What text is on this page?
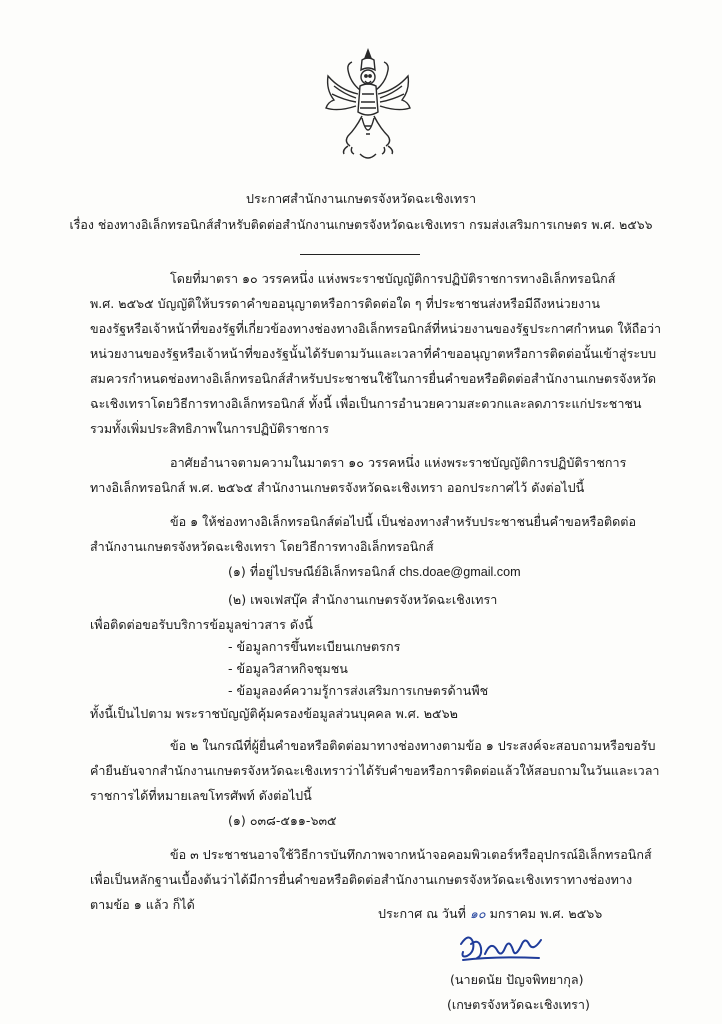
ประกาศสำนักงานเกษตรจังหวัดฉะเชิงเทรา
เรื่อง ช่องทางอิเล็กทรอนิกส์สำหรับติดต่อสำนักงานเกษตรจังหวัดฉะเชิงเทรา กรมส่งเสริมการเกษตร พ.ศ. ๒๕๖๖
โดยที่มาตรา ๑๐ วรรคหนึ่ง แห่งพระราชบัญญัติการปฏิบัติราชการทางอิเล็กทรอนิกส์
พ.ศ. ๒๕๖๕ บัญญัติให้บรรดาคำขออนุญาตหรือการติดต่อใด ๆ ที่ประชาชนส่งหรือมีถึงหน่วยงาน
ของรัฐหรือเจ้าหน้าที่ของรัฐที่เกี่ยวข้องทางช่องทางอิเล็กทรอนิกส์ที่หน่วยงานของรัฐประกาศกำหนด ให้ถือว่า
หน่วยงานของรัฐหรือเจ้าหน้าที่ของรัฐนั้นได้รับตามวันและเวลาที่คำขออนุญาตหรือการติดต่อนั้นเข้าสู่ระบบ
สมควรกำหนดช่องทางอิเล็กทรอนิกส์สำหรับประชาชนใช้ในการยื่นคำขอหรือติดต่อสำนักงานเกษตรจังหวัด
ฉะเชิงเทราโดยวิธีการทางอิเล็กทรอนิกส์ ทั้งนี้ เพื่อเป็นการอำนวยความสะดวกและลดภาระแก่ประชาชน
รวมทั้งเพิ่มประสิทธิภาพในการปฏิบัติราชการ
อาศัยอำนาจตามความในมาตรา ๑๐ วรรคหนึ่ง แห่งพระราชบัญญัติการปฏิบัติราชการ
ทางอิเล็กทรอนิกส์ พ.ศ. ๒๕๖๕ สำนักงานเกษตรจังหวัดฉะเชิงเทรา ออกประกาศไว้ ดังต่อไปนี้
ข้อ ๑ ให้ช่องทางอิเล็กทรอนิกส์ต่อไปนี้ เป็นช่องทางสำหรับประชาชนยื่นคำขอหรือติดต่อ
สำนักงานเกษตรจังหวัดฉะเชิงเทรา โดยวิธีการทางอิเล็กทรอนิกส์
(๑) ที่อยู่ไปรษณีย์อิเล็กทรอนิกส์ chs.doae@gmail.com
(๒) เพจเฟสบุ๊ค สำนักงานเกษตรจังหวัดฉะเชิงเทรา
เพื่อติดต่อขอรับบริการข้อมูลข่าวสาร ดังนี้
- ข้อมูลการขึ้นทะเบียนเกษตรกร
- ข้อมูลวิสาหกิจชุมชน
- ข้อมูลองค์ความรู้การส่งเสริมการเกษตรด้านพืช
ทั้งนี้เป็นไปตาม พระราชบัญญัติคุ้มครองข้อมูลส่วนบุคคล พ.ศ. ๒๕๖๒
ข้อ ๒ ในกรณีที่ผู้ยื่นคำขอหรือติดต่อมาทางช่องทางตามข้อ ๑ ประสงค์จะสอบถามหรือขอรับ
คำยืนยันจากสำนักงานเกษตรจังหวัดฉะเชิงเทราว่าได้รับคำขอหรือการติดต่อแล้วให้สอบถามในวันและเวลา
ราชการได้ที่หมายเลขโทรศัพท์ ดังต่อไปนี้
(๑) ๐๓๘-๕๑๑-๖๓๕
ข้อ ๓ ประชาชนอาจใช้วิธีการบันทึกภาพจากหน้าจอคอมพิวเตอร์หรืออุปกรณ์อิเล็กทรอนิกส์
เพื่อเป็นหลักฐานเบื้องต้นว่าได้มีการยื่นคำขอหรือติดต่อสำนักงานเกษตรจังหวัดฉะเชิงเทราทางช่องทาง
ตามข้อ ๑ แล้ว ก็ได้
ประกาศ ณ วันที่ ๑๐ มกราคม พ.ศ. ๒๕๖๖
(นายดนัย ปัญจพิทยากุล)
(เกษตรจังหวัดฉะเชิงเทรา)
